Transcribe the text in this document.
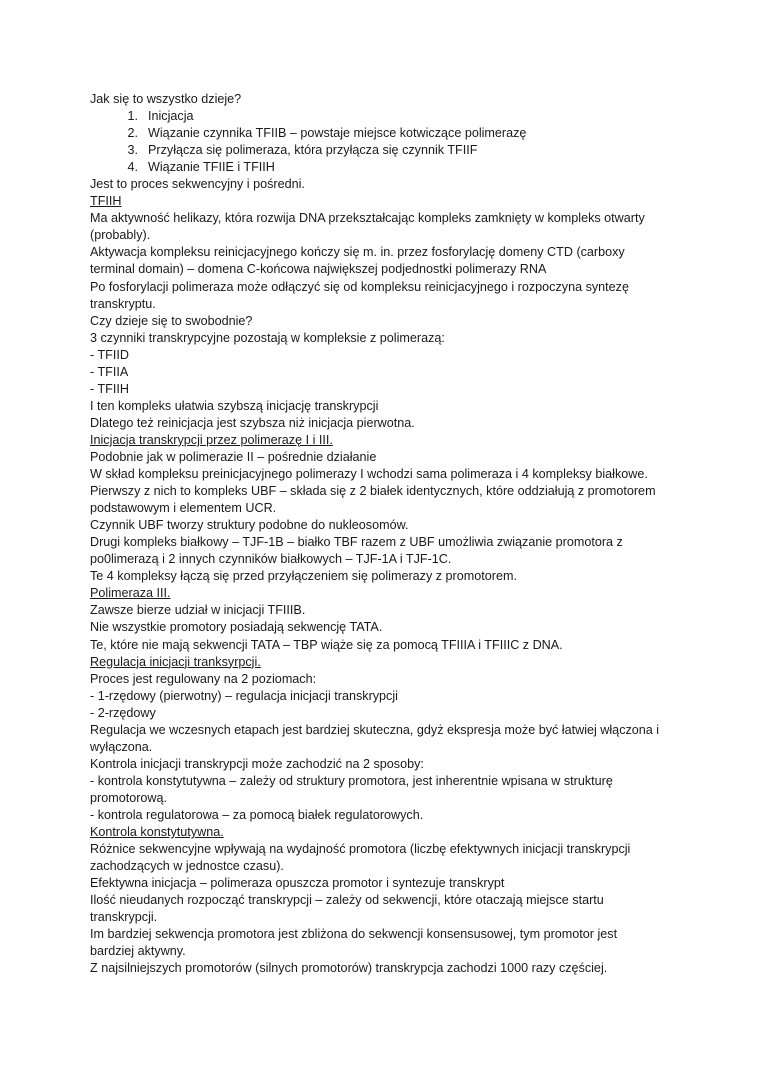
Jak się to wszystko dzieje?
1. Inicjacja
2. Wiązanie czynnika TFIIB – powstaje miejsce kotwiczące polimerazę
3. Przyłącza się polimeraza, która przyłącza się czynnik TFIIF
4. Wiązanie TFIIE i TFIIH
Jest to proces sekwencyjny i pośredni.
TFIIH
Ma aktywność helikazy, która rozwija DNA przekształcając kompleks zamknięty w kompleks otwarty
(probably).
Aktywacja kompleksu reinicjacyjnego kończy się m. in. przez fosforylację domeny CTD (carboxy
terminal domain) – domena C-końcowa największej podjednostki polimerazy RNA
Po fosforylacji polimeraza może odłączyć się od kompleksu reinicjacyjnego i rozpoczyna syntezę
transkryptu.
Czy dzieje się to swobodnie?
3 czynniki transkrypcyjne pozostają w kompleksie z polimerazą:
- TFIID
- TFIIA
- TFIIH
I ten kompleks ułatwia szybszą inicjację transkrypcji
Dlatego też reinicjacja jest szybsza niż inicjacja pierwotna.
Inicjacja transkrypcji przez polimerazę I i III.
Podobnie jak w polimerazie II – pośrednie działanie
W skład kompleksu preinicjacyjnego polimerazy I wchodzi sama polimeraza i 4 kompleksy białkowe.
Pierwszy z nich to kompleks UBF – składa się z 2 białek identycznych, które oddziałują z promotorem
podstawowym i elementem UCR.
Czynnik UBF tworzy struktury podobne do nukleosomów.
Drugi kompleks białkowy – TJF-1B – białko TBF razem z UBF umożliwia związanie promotora z
po0limerazą i 2 innych czynników białkowych – TJF-1A i TJF-1C.
Te 4 kompleksy łączą się przed przyłączeniem się polimerazy z promotorem.
Polimeraza III.
Zawsze bierze udział w inicjacji TFIIIB.
Nie wszystkie promotory posiadają sekwencję TATA.
Te, które nie mają sekwencji TATA – TBP wiąże się za pomocą TFIIIA i TFIIIC z DNA.
Regulacja inicjacji tranksyrpcji.
Proces jest regulowany na 2 poziomach:
- 1-rzędowy (pierwotny) – regulacja inicjacji transkrypcji
- 2-rzędowy
Regulacja we wczesnych etapach jest bardziej skuteczna, gdyż ekspresja może być łatwiej włączona i
wyłączona.
Kontrola inicjacji transkrypcji może zachodzić na 2 sposoby:
- kontrola konstytutywna – zależy od struktury promotora, jest inherentnie wpisana w strukturę
promotorową.
- kontrola regulatorowa – za pomocą białek regulatorowych.
Kontrola konstytutywna.
Różnice sekwencyjne wpływają na wydajność promotora (liczbę efektywnych inicjacji transkrypcji
zachodzących w jednostce czasu).
Efektywna inicjacja – polimeraza opuszcza promotor i syntezuje transkrypt
Ilość nieudanych rozpocząć transkrypcji – zależy od sekwencji, które otaczają miejsce startu
transkrypcji.
Im bardziej sekwencja promotora jest zbliżona do sekwencji konsensusowej, tym promotor jest
bardziej aktywny.
Z najsilniejszych promotorów (silnych promotorów) transkrypcja zachodzi 1000 razy częściej.
